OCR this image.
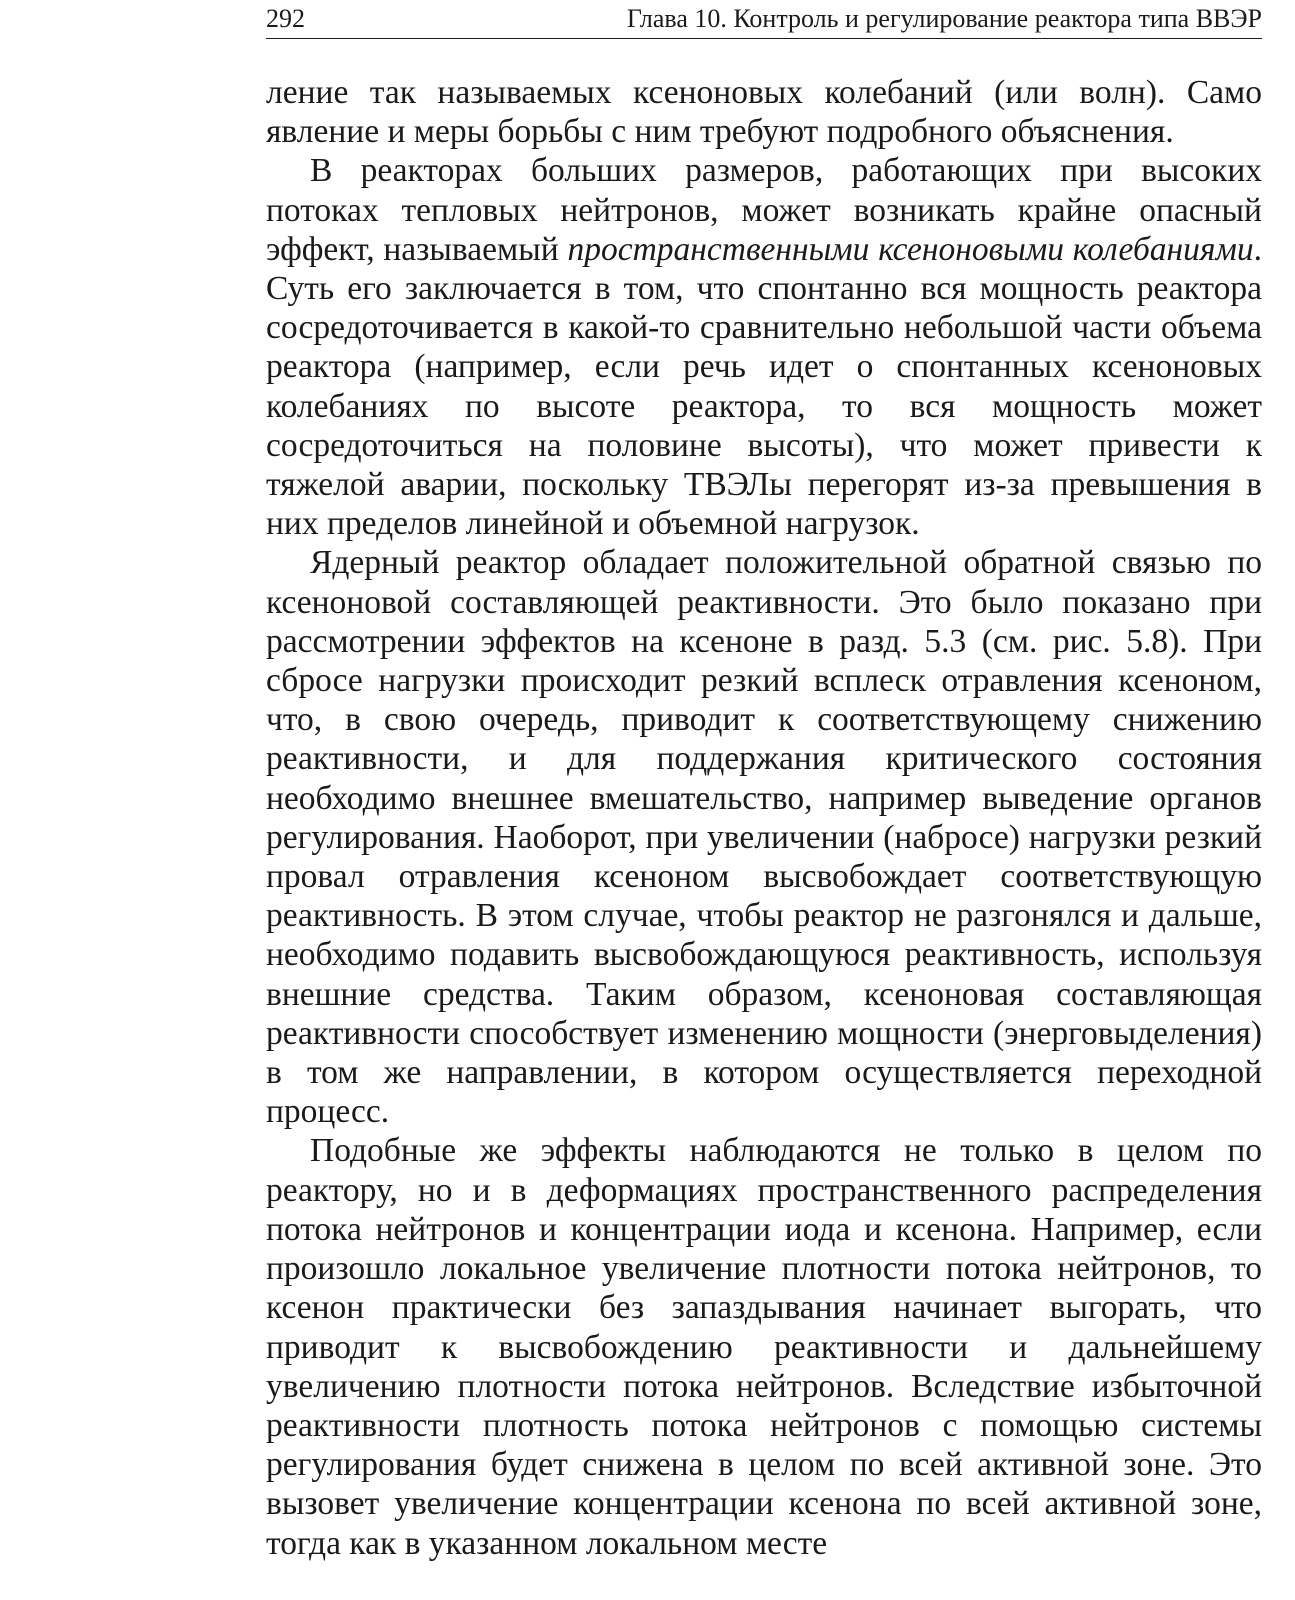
292	Глава 10. Контроль и регулирование реактора типа ВВЭР

ление так называемых ксеноновых колебаний (или волн). Само явление и меры борьбы с ним требуют подробного объяснения.

В реакторах больших размеров, работающих при высоких потоках тепловых нейтронов, может возникать крайне опасный эффект, называемый пространственными ксеноновыми колебаниями. Суть его заключается в том, что спонтанно вся мощность реактора сосредоточивается в какой-то сравнительно небольшой части объема реактора (например, если речь идет о спонтанных ксеноновых колебаниях по высоте реактора, то вся мощность может сосредоточиться на половине высоты), что может привести к тяжелой аварии, поскольку ТВЭЛы перегорят из-за превышения в них пределов линейной и объемной нагрузок.

Ядерный реактор обладает положительной обратной связью по ксеноновой составляющей реактивности. Это было показано при рассмотрении эффектов на ксеноне в разд. 5.3 (см. рис. 5.8). При сбросе нагрузки происходит резкий всплеск отравления ксеноном, что, в свою очередь, приводит к соответствующему снижению реактивности, и для поддержания критического состояния необходимо внешнее вмешательство, например выведение органов регулирования. Наоборот, при увеличении (набросе) нагрузки резкий провал отравления ксеноном высвобождает соответствующую реактивность. В этом случае, чтобы реактор не разгонялся и дальше, необходимо подавить высвобождающуюся реактивность, используя внешние средства. Таким образом, ксеноновая составляющая реактивности способствует изменению мощности (энерговыделения) в том же направлении, в котором осуществляется переходной процесс.

Подобные же эффекты наблюдаются не только в целом по реактору, но и в деформациях пространственного распределения потока нейтронов и концентрации иода и ксенона. Например, если произошло локальное увеличение плотности потока нейтронов, то ксенон практически без запаздывания начинает выгорать, что приводит к высвобождению реактивности и дальнейшему увеличению плотности потока нейтронов. Вследствие избыточной реактивности плотность потока нейтронов с помощью системы регулирования будет снижена в целом по всей активной зоне. Это вызовет увеличение концентрации ксенона по всей активной зоне, тогда как в указанном локальном месте
